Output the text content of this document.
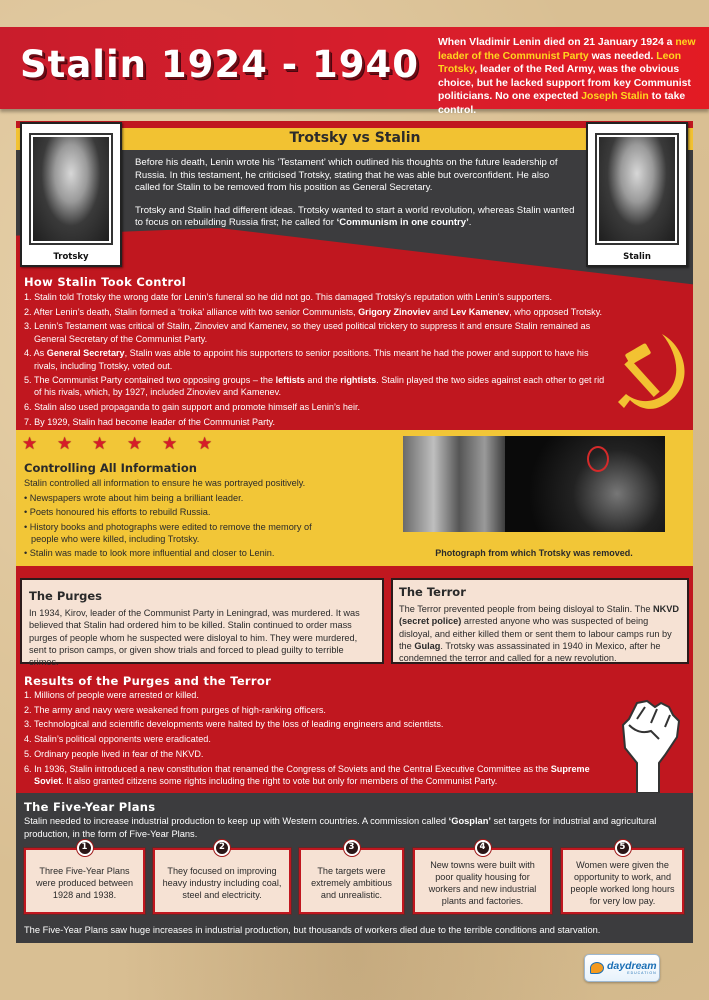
Stalin 1924 - 1940
When Vladimir Lenin died on 21 January 1924 a new leader of the Communist Party was needed. Leon Trotsky, leader of the Red Army, was the obvious choice, but he lacked support from key Communist politicians. No one expected Joseph Stalin to take control.
Trotsky vs Stalin

Before his death, Lenin wrote his ‘Testament’ which outlined his thoughts on the future leadership of Russia. In this testament, he criticised Trotsky, stating that he was able but overconfident. He also called for Stalin to be removed from his position as General Secretary.

Trotsky and Stalin had different ideas. Trotsky wanted to start a world revolution, whereas Stalin wanted to focus on rebuilding Russia first; he called for ‘Communism in one country’.

Trotsky	Stalin
How Stalin Took Control
1. Stalin told Trotsky the wrong date for Lenin’s funeral so he did not go. This damaged Trotsky’s reputation with Lenin’s supporters.
2. After Lenin’s death, Stalin formed a ‘troika’ alliance with two senior Communists, Grigory Zinoviev and Lev Kamenev, who opposed Trotsky.
3. Lenin’s Testament was critical of Stalin, Zinoviev and Kamenev, so they used political trickery to suppress it and ensure Stalin remained as General Secretary of the Communist Party.
4. As General Secretary, Stalin was able to appoint his supporters to senior positions. This meant he had the power and support to have his rivals, including Trotsky, voted out.
5. The Communist Party contained two opposing groups – the leftists and the rightists. Stalin played the two sides against each other to get rid of his rivals, which, by 1927, included Zinoviev and Kamenev.
6. Stalin also used propaganda to gain support and promote himself as Lenin’s heir.
7. By 1929, Stalin had become leader of the Communist Party.
★ ★ ★ ★ ★ ★
Controlling All Information

Stalin controlled all information to ensure he was portrayed positively.

• Newspapers wrote about him being a brilliant leader.
• Poets honoured his efforts to rebuild Russia.
• History books and photographs were edited to remove the memory of people who were killed, including Trotsky.
• Stalin was made to look more influential and closer to Lenin.	Photograph from which Trotsky was removed.
The Purges

In 1934, Kirov, leader of the Communist Party in Leningrad, was murdered. It was believed that Stalin had ordered him to be killed. Stalin continued to order mass purges of people whom he suspected were disloyal to him. They were murdered, sent to prison camps, or given show trials and forced to plead guilty to terrible crimes.

The Terror

The Terror prevented people from being disloyal to Stalin. The NKVD (secret police) arrested anyone who was suspected of being disloyal, and either killed them or sent them to labour camps run by the Gulag. Trotsky was assassinated in 1940 in Mexico, after he condemned the terror and called for a new revolution.

Results of the Purges and the Terror
1. Millions of people were arrested or killed.
2. The army and navy were weakened from purges of high-ranking officers.
3. Technological and scientific developments were halted by the loss of leading engineers and scientists.
4. Stalin’s political opponents were eradicated.
5. Ordinary people lived in fear of the NKVD.
6. In 1936, Stalin introduced a new constitution that renamed the Congress of Soviets and the Central Executive Committee as the Supreme Soviet. It also granted citizens some rights including the right to vote but only for members of the Communist Party.
The Five-Year Plans
Stalin needed to increase industrial production to keep up with Western countries. A commission called ‘Gosplan’ set targets for industrial and agricultural production, in the form of Five-Year Plans.
1
Three Five-Year Plans were produced between 1928 and 1938.
2
They focused on improving heavy industry including coal, steel and electricity.
3
The targets were extremely ambitious and unrealistic.
4
New towns were built with poor quality housing for workers and new industrial plants and factories.
5
Women were given the opportunity to work, and people worked long hours for very low pay.
The Five-Year Plans saw huge increases in industrial production, but thousands of workers died due to the terrible conditions and starvation.
daydream
EDUCATION
